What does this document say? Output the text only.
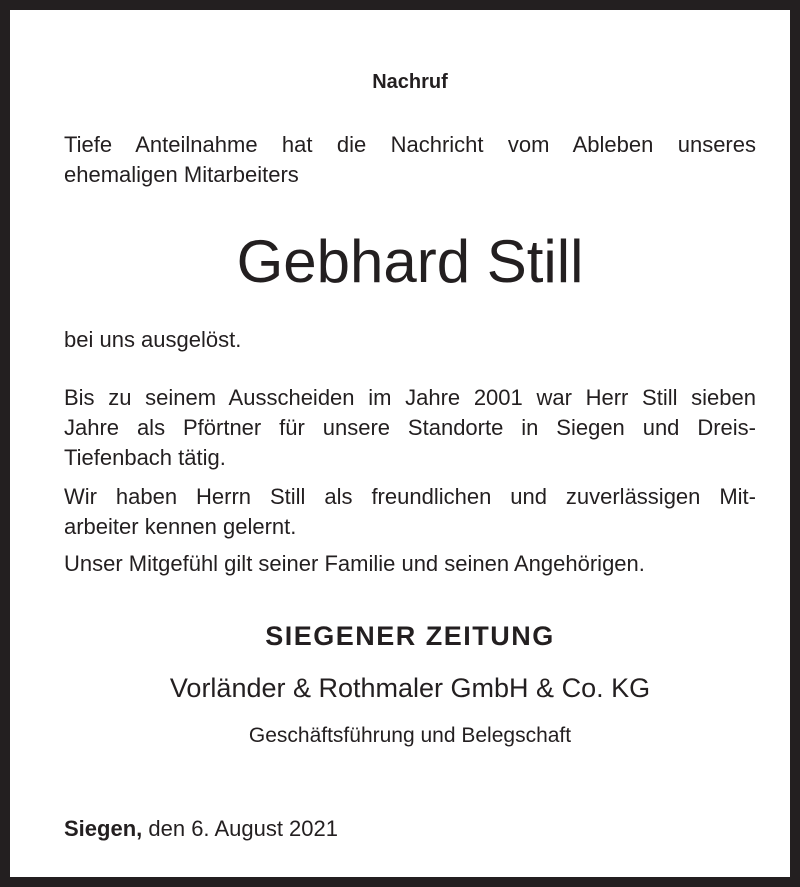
Nachruf

Tiefe Anteilnahme hat die Nachricht vom Ableben unseres
ehemaligen Mitarbeiters

Gebhard Still

bei uns ausgelöst.

Bis zu seinem Ausscheiden im Jahre 2001 war Herr Still sieben
Jahre als Pförtner für unsere Standorte in Siegen und Dreis-
Tiefenbach tätig.

Wir haben Herrn Still als freundlichen und zuverlässigen Mit-
arbeiter kennen gelernt.

Unser Mitgefühl gilt seiner Familie und seinen Angehörigen.

SIEGENER ZEITUNG
Vorländer & Rothmaler GmbH & Co. KG
Geschäftsführung und Belegschaft
Siegen, den 6. August 2021
